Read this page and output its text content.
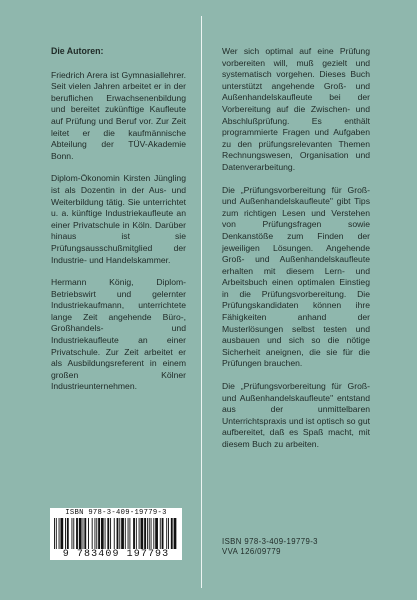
Die Autoren:

Friedrich Arera ist Gymnasiallehrer. Seit vielen Jahren arbeitet er in der beruflichen Erwachsenenbildung und bereitet zukünftige Kaufleute auf Prüfung und Beruf vor. Zur Zeit leitet er die kaufmännische Abteilung der TÜV-Akademie Bonn.

Diplom-Ökonomin Kirsten Jüngling ist als Dozentin in der Aus- und Weiterbildung tätig. Sie unterrichtet u. a. künftige Industriekaufleute an einer Privatschule in Köln. Darüber hinaus ist sie Prüfungsausschußmitglied der Industrie- und Handelskammer.

Hermann König, Diplom-Betriebswirt und gelernter Industriekaufmann, unterrichtete lange Zeit angehende Büro-, Großhandels- und Industriekaufleute an einer Privatschule. Zur Zeit arbeitet er als Ausbildungsreferent in einem großen Kölner Industrieunternehmen.

Wer sich optimal auf eine Prüfung vorbereiten will, muß gezielt und systematisch vorgehen. Dieses Buch unterstützt angehende Groß- und Außenhandelskaufleute bei der Vorbereitung auf die Zwischen- und Abschlußprüfung. Es enthält programmierte Fragen und Aufgaben zu den prüfungsrelevanten Themen Rechnungswesen, Organisation und Datenverarbeitung.

Die „Prüfungsvorbereitung für Groß- und Außenhandelskaufleute" gibt Tips zum richtigen Lesen und Verstehen von Prüfungsfragen sowie Denkanstöße zum Finden der jeweiligen Lösungen. Angehende Groß- und Außenhandelskaufleute erhalten mit diesem Lern- und Arbeitsbuch einen optimalen Einstieg in die Prüfungsvorbereitung. Die Prüfungskandidaten können ihre Fähigkeiten anhand der Musterlösungen selbst testen und ausbauen und sich so die nötige Sicherheit aneignen, die sie für die Prüfungen brauchen.

Die „Prüfungsvorbereitung für Groß- und Außenhandelskaufleute" entstand aus der unmittelbaren Unterrichtspraxis und ist optisch so gut aufbereitet, daß es Spaß macht, mit diesem Buch zu arbeiten.

ISBN 978-3-409-19779-3
9 783409 197793
ISBN 978-3-409-19779-3
VVA 126/09779
